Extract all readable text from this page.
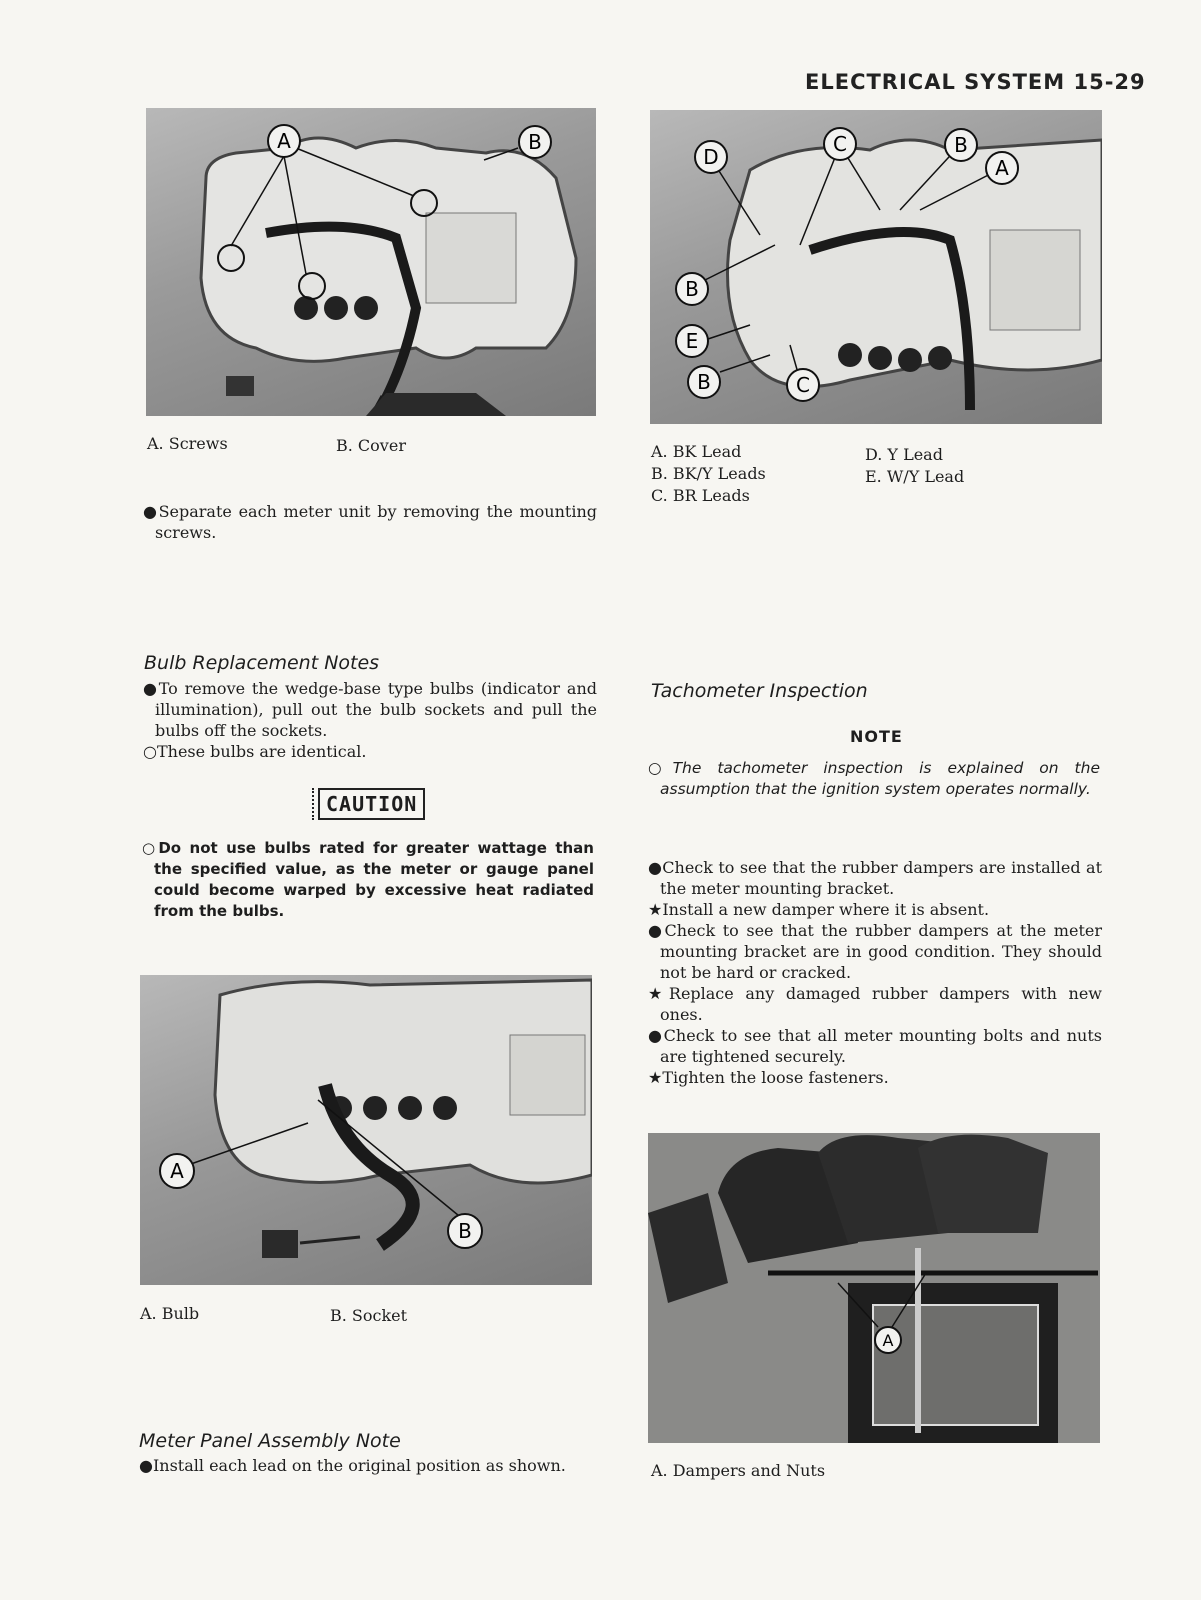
ELECTRICAL SYSTEM 15-29
A	B
A. Screws	B. Cover

●Separate each meter unit by removing the mounting screws.

Bulb Replacement Notes

●To remove the wedge-base type bulbs (indicator and illumination), pull out the bulb sockets and pull the bulbs off the sockets.

○These bulbs are identical.

CAUTION

○Do not use bulbs rated for greater wattage than the specified value, as the meter or gauge panel could become warped by excessive heat radiated from the bulbs.

A
B
A. Bulb	B. Socket
Meter Panel Assembly Note

●Install each lead on the original position as shown.

D
C	B
A
B
E
B	C
A. BK Lead
B. BK/Y Leads
C. BR Leads
D. Y Lead
E. W/Y Lead
Tachometer Inspection
NOTE

○The tachometer inspection is explained on the assumption that the ignition system operates normally.

●Check to see that the rubber dampers are installed at the meter mounting bracket.

★Install a new damper where it is absent.

●Check to see that the rubber dampers at the meter mounting bracket are in good condition. They should not be hard or cracked.

★Replace any damaged rubber dampers with new ones.

●Check to see that all meter mounting bolts and nuts are tightened securely.

★Tighten the loose fasteners.

A
A. Dampers and Nuts
